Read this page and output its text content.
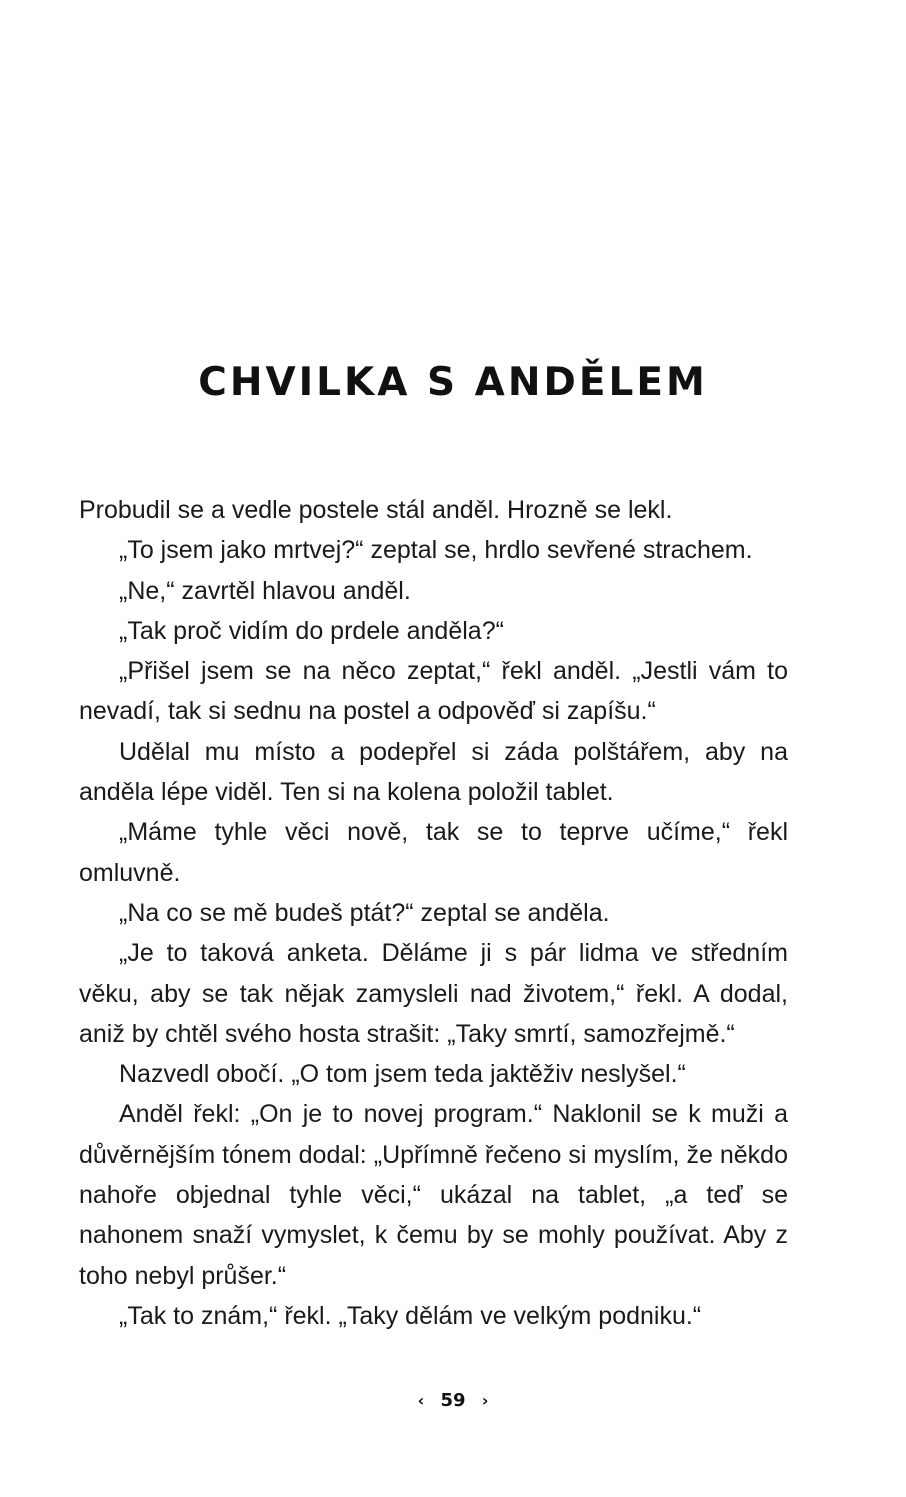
CHVILKA S ANDĚLEM

Probudil se a vedle postele stál anděl. Hrozně se lekl.

„To jsem jako mrtvej?“ zeptal se, hrdlo sevřené strachem.

„Ne,“ zavrtěl hlavou anděl.

„Tak proč vidím do prdele anděla?“

„Přišel jsem se na něco zeptat,“ řekl anděl. „Jestli vám to nevadí, tak si sednu na postel a odpověď si zapíšu.“

Udělal mu místo a podepřel si záda polštářem, aby na anděla lépe viděl. Ten si na kolena položil tablet.

„Máme tyhle věci nově, tak se to teprve učíme,“ řekl omluvně.

„Na co se mě budeš ptát?“ zeptal se anděla.

„Je to taková anketa. Děláme ji s pár lidma ve středním věku, aby se tak nějak zamysleli nad životem,“ řekl. A dodal, aniž by chtěl svého hosta strašit: „Taky smrtí, samozřejmě.“

Nazvedl obočí. „O tom jsem teda jaktěživ neslyšel.“

Anděl řekl: „On je to novej program.“ Naklonil se k muži a důvěrnějším tónem dodal: „Upřímně řečeno si myslím, že někdo nahoře objednal tyhle věci,“ ukázal na tablet, „a teď se nahonem snaží vymyslet, k čemu by se mohly používat. Aby z toho nebyl průšer.“

„Tak to znám,“ řekl. „Taky dělám ve velkým podniku.“

‹ 59 ›
